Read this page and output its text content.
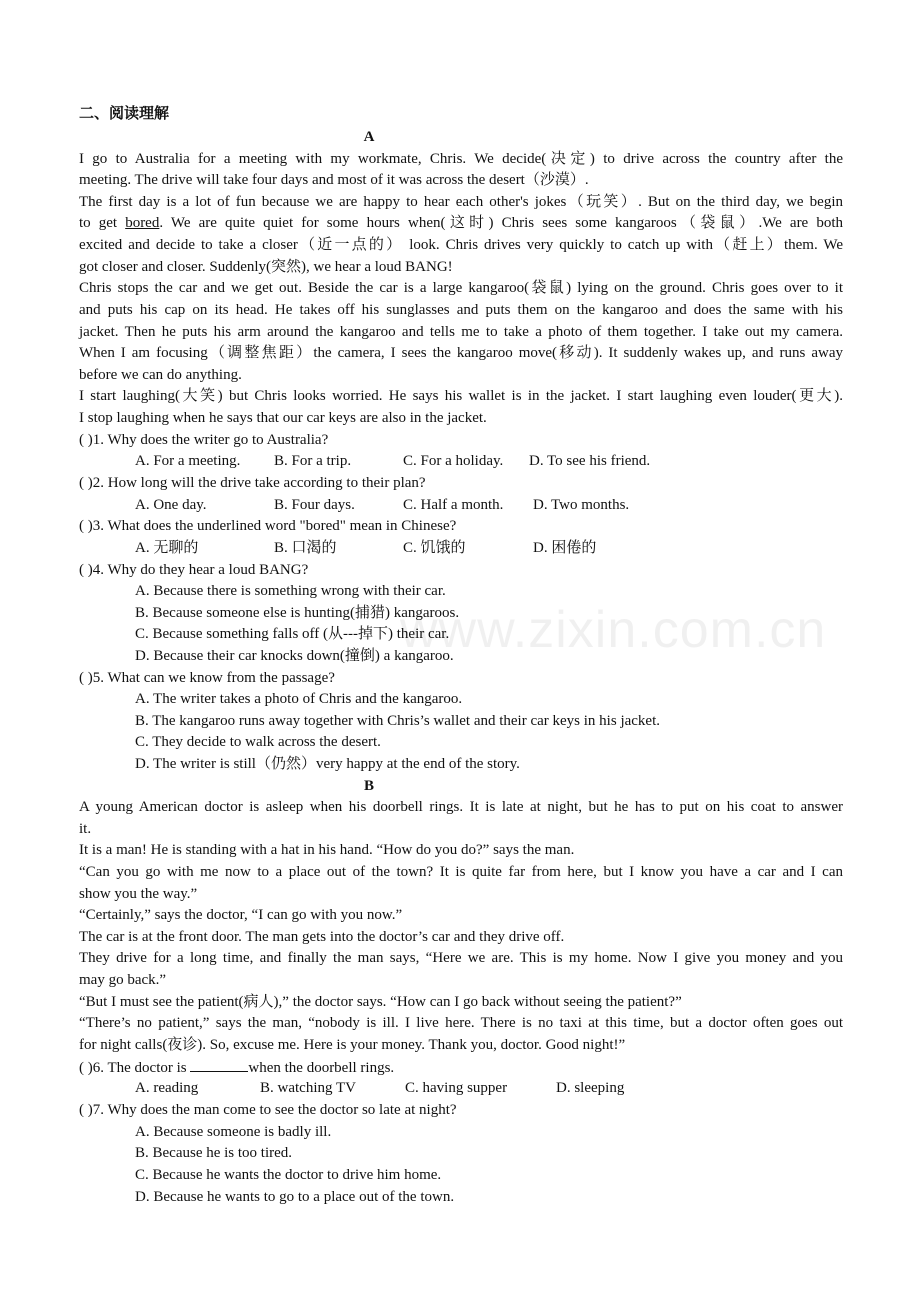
二、阅读理解
A
I go to Australia for a meeting with my workmate, Chris. We decide(决定) to drive across the country after the
meeting. The drive will take four days and most of it was across the desert（沙漠）.
The first day is a lot of fun because we are happy to hear each other's jokes（玩笑）. But on the third day, we begin
to get bored. We are quite quiet for some hours when(这时) Chris sees some kangaroos（袋鼠）.We are both
excited and decide to take a closer（近一点的） look. Chris drives very quickly to catch up with（赶上）them. We
got closer and closer. Suddenly(突然), we hear a loud BANG!
Chris stops the car and we get out. Beside the car is a large kangaroo(袋鼠) lying on the ground. Chris goes over to it
and puts his cap on its head. He takes off his sunglasses and puts them on the kangaroo and does the same with his
jacket. Then he puts his arm around the kangaroo and tells me to take a photo of them together. I take out my camera.
When I am focusing（调整焦距）the camera, I sees the kangaroo move(移动). It suddenly wakes up, and runs away
before we can do anything.
I start laughing(大笑) but Chris looks worried. He says his wallet is in the jacket. I start laughing even louder(更大).
I stop laughing when he says that our car keys are also in the jacket.
( )1. Why does the writer go to Australia?
A. For a meeting. B. For a trip.	C. For a holiday. D. To see his friend.
( )2. How long will the drive take according to their plan?
A. One day.	B. Four days.	C. Half a month. D. Two months.
( )3. What does the underlined word "bored" mean in Chinese?
A. 无聊的	B. 口渴的	C. 饥饿的	D. 困倦的
( )4. Why do they hear a loud BANG?
A. Because there is something wrong with their car.
B. Because someone else is hunting(捕猎) kangaroos.
C. Because something falls off (从---掉下) their car.
D. Because their car knocks down(撞倒) a kangaroo.
( )5. What can we know from the passage?
A. The writer takes a photo of Chris and the kangaroo.
B. The kangaroo runs away together with Chris’s wallet and their car keys in his jacket.
C. They decide to walk across the desert.
D. The writer is still（仍然）very happy at the end of the story.
B
A young American doctor is asleep when his doorbell rings. It is late at night, but he has to put on his coat to answer
it.
It is a man! He is standing with a hat in his hand. “How do you do?” says the man.
“Can you go with me now to a place out of the town? It is quite far from here, but I know you have a car and I can
show you the way.”
“Certainly,” says the doctor, “I can go with you now.”
The car is at the front door. The man gets into the doctor’s car and they drive off.
They drive for a long time, and finally the man says, “Here we are. This is my home. Now I give you money and you
may go back.”
“But I must see the patient(病人),” the doctor says. “How can I go back without seeing the patient?”
“There’s no patient,” says the man, “nobody is ill. I live here. There is no taxi at this time, but a doctor often goes out
for night calls(夜诊). So, excuse me. Here is your money. Thank you, doctor. Good night!”
( )6. The doctor is	when the doorbell rings.
A. reading	B. watching TV	C. having supper	D. sleeping
( )7. Why does the man come to see the doctor so late at night?
A. Because someone is badly ill.
B. Because he is too tired.
C. Because he wants the doctor to drive him home.
D. Because he wants to go to a place out of the town.
www.zixin.com.cn
